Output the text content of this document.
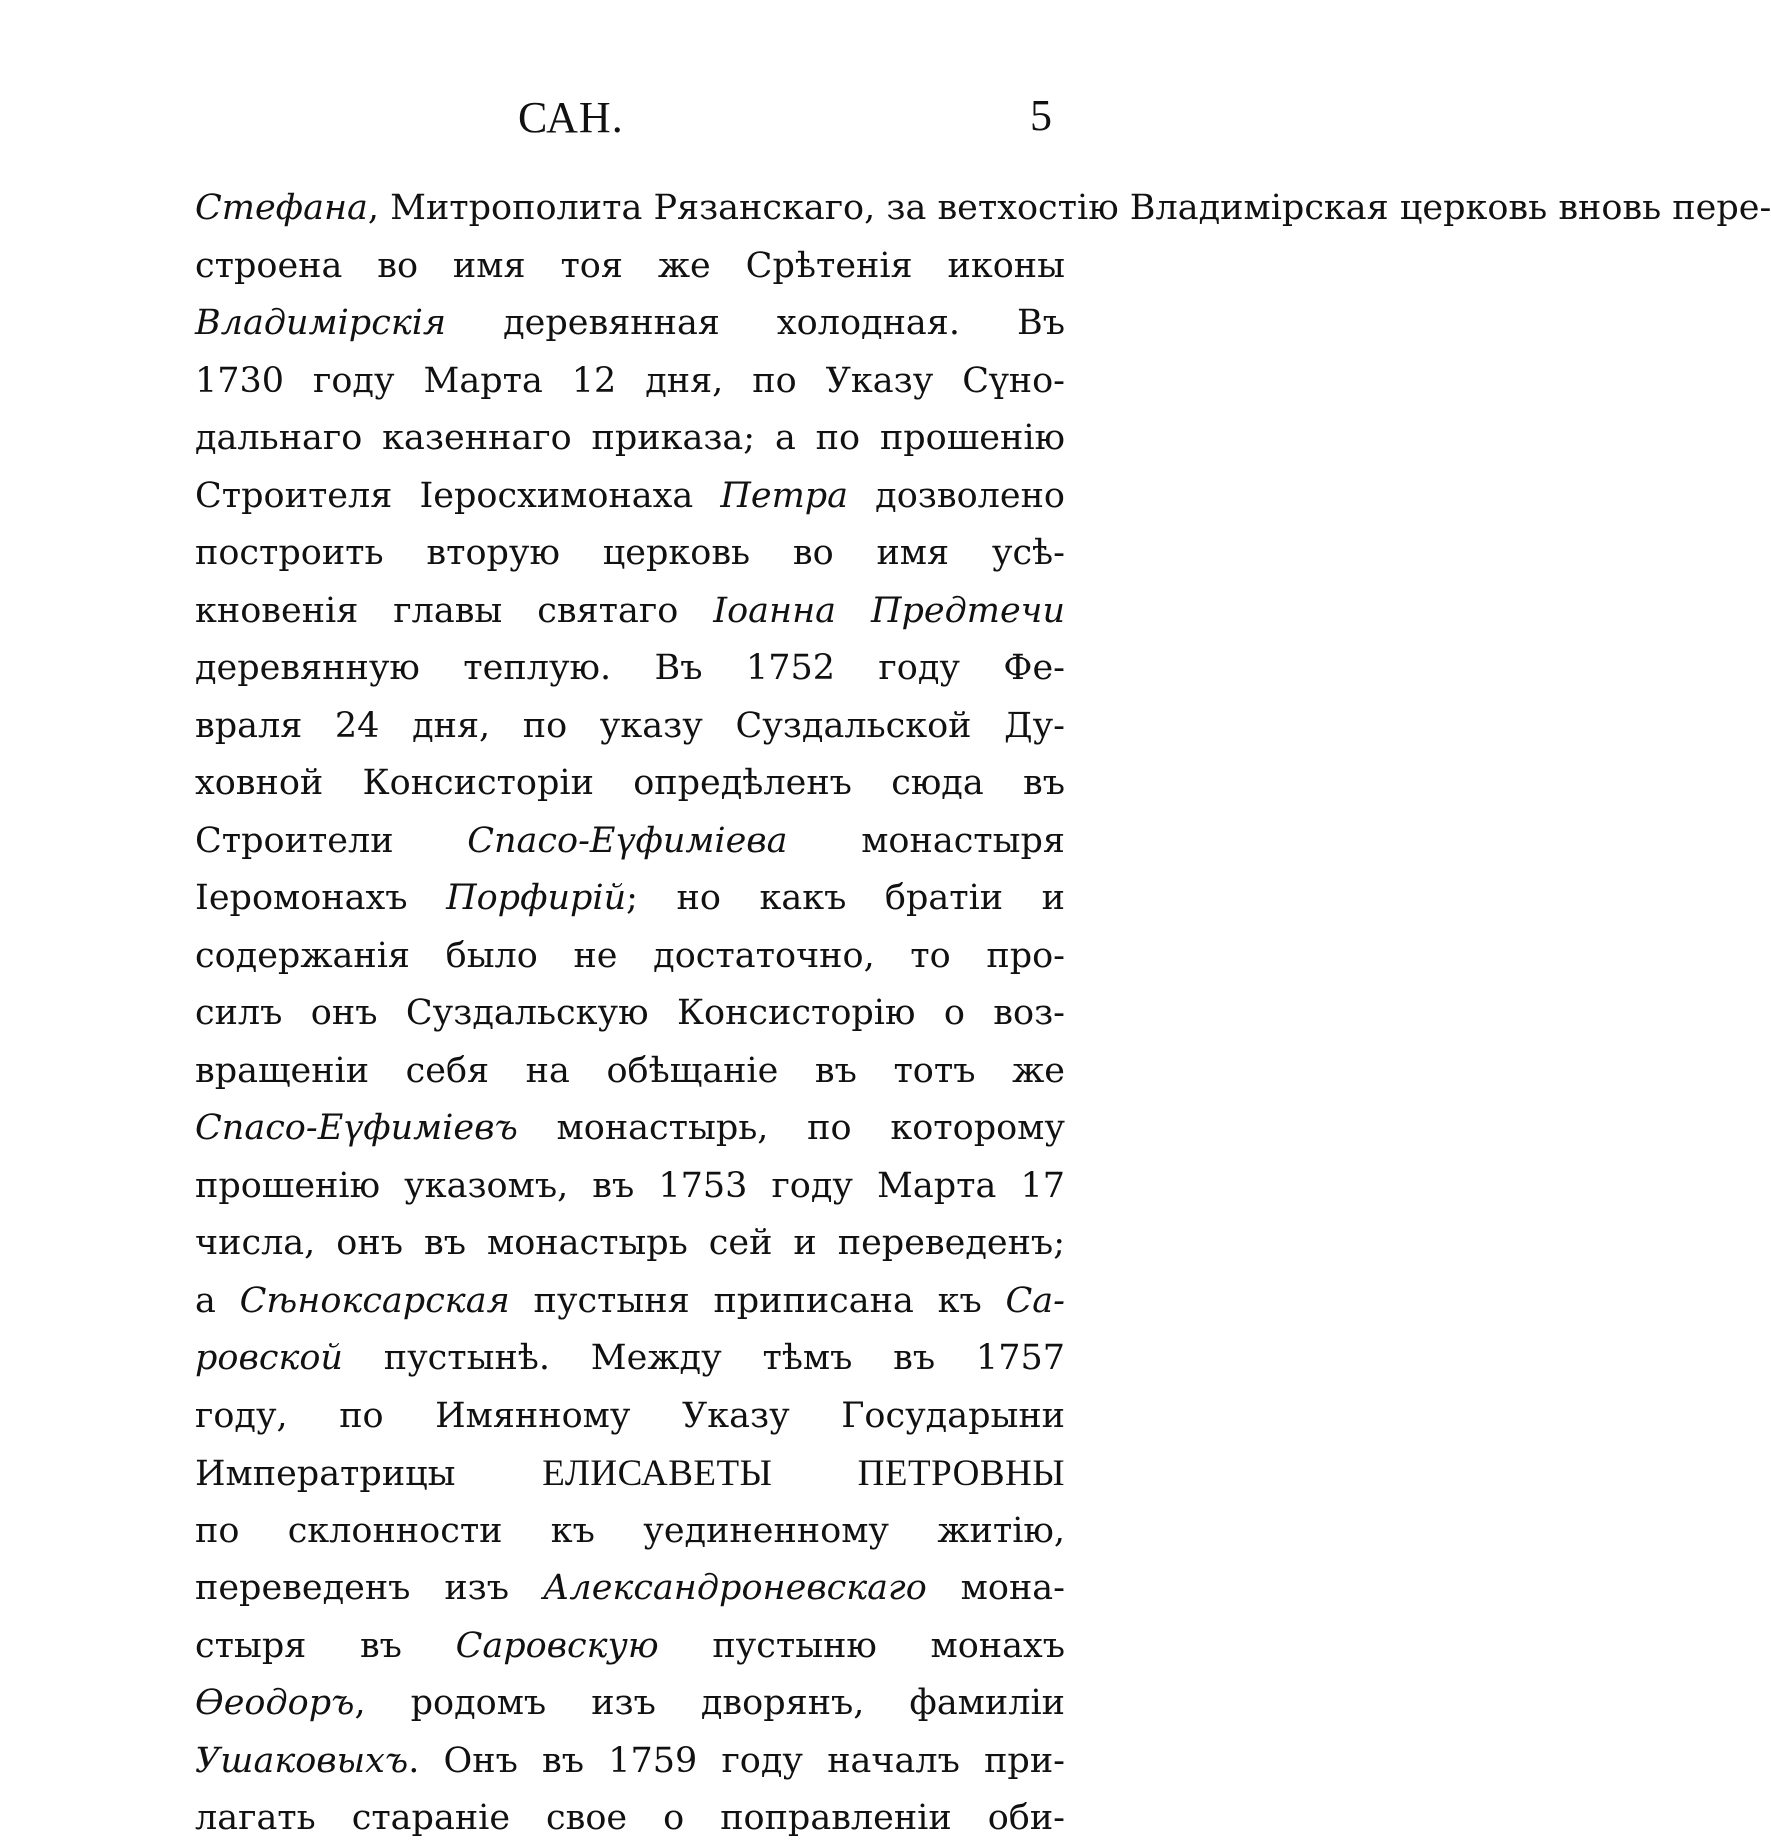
САН.	5
Стефана, Митрополита Рязанскаго, за ветхостію Владимірская церковь вновь пере-
строена во имя тоя же Срѣтенія иконы
Владимірскія деревянная холодная. Въ
1730 году Марта 12 дня, по Указу Сүно-
дальнаго казеннаго приказа; а по прошенію
Строителя Іеросхимонаха Петра дозволено
построить вторую церковь во имя усѣ-
кновенія главы святаго Іоанна Предтечи
деревянную теплую. Въ 1752 году Фе-
враля 24 дня, по указу Суздальской Ду-
ховной Консисторіи опредѣленъ сюда въ
Строители Спасо-Еүфиміева монастыря
Іеромонахъ Порфирій; но какъ братіи и
содержанія было не достаточно, то про-
силъ онъ Суздальскую Консисторію о воз-
вращеніи себя на обѣщаніе въ тотъ же
Спасо-Еүфиміевъ монастырь, по которому
прошенію указомъ, въ 1753 году Марта 17
числа, онъ въ монастырь сей и переведенъ;
а Сѣноксарская пустыня приписана къ Са-
ровской пустынѣ. Между тѣмъ въ 1757
году, по Имянному Указу Государыни
Императрицы ЕЛИСАВЕТЫ ПЕТРОВНЫ
по склонности къ уединенному житію,
переведенъ изъ Александроневскаго мона-
стыря въ Саровскую пустыню монахъ
Өеодоръ, родомъ изъ дворянъ, фамиліи
Ушаковыхъ. Онъ въ 1759 году началъ при-
лагать стараніе свое о поправленіи оби-
